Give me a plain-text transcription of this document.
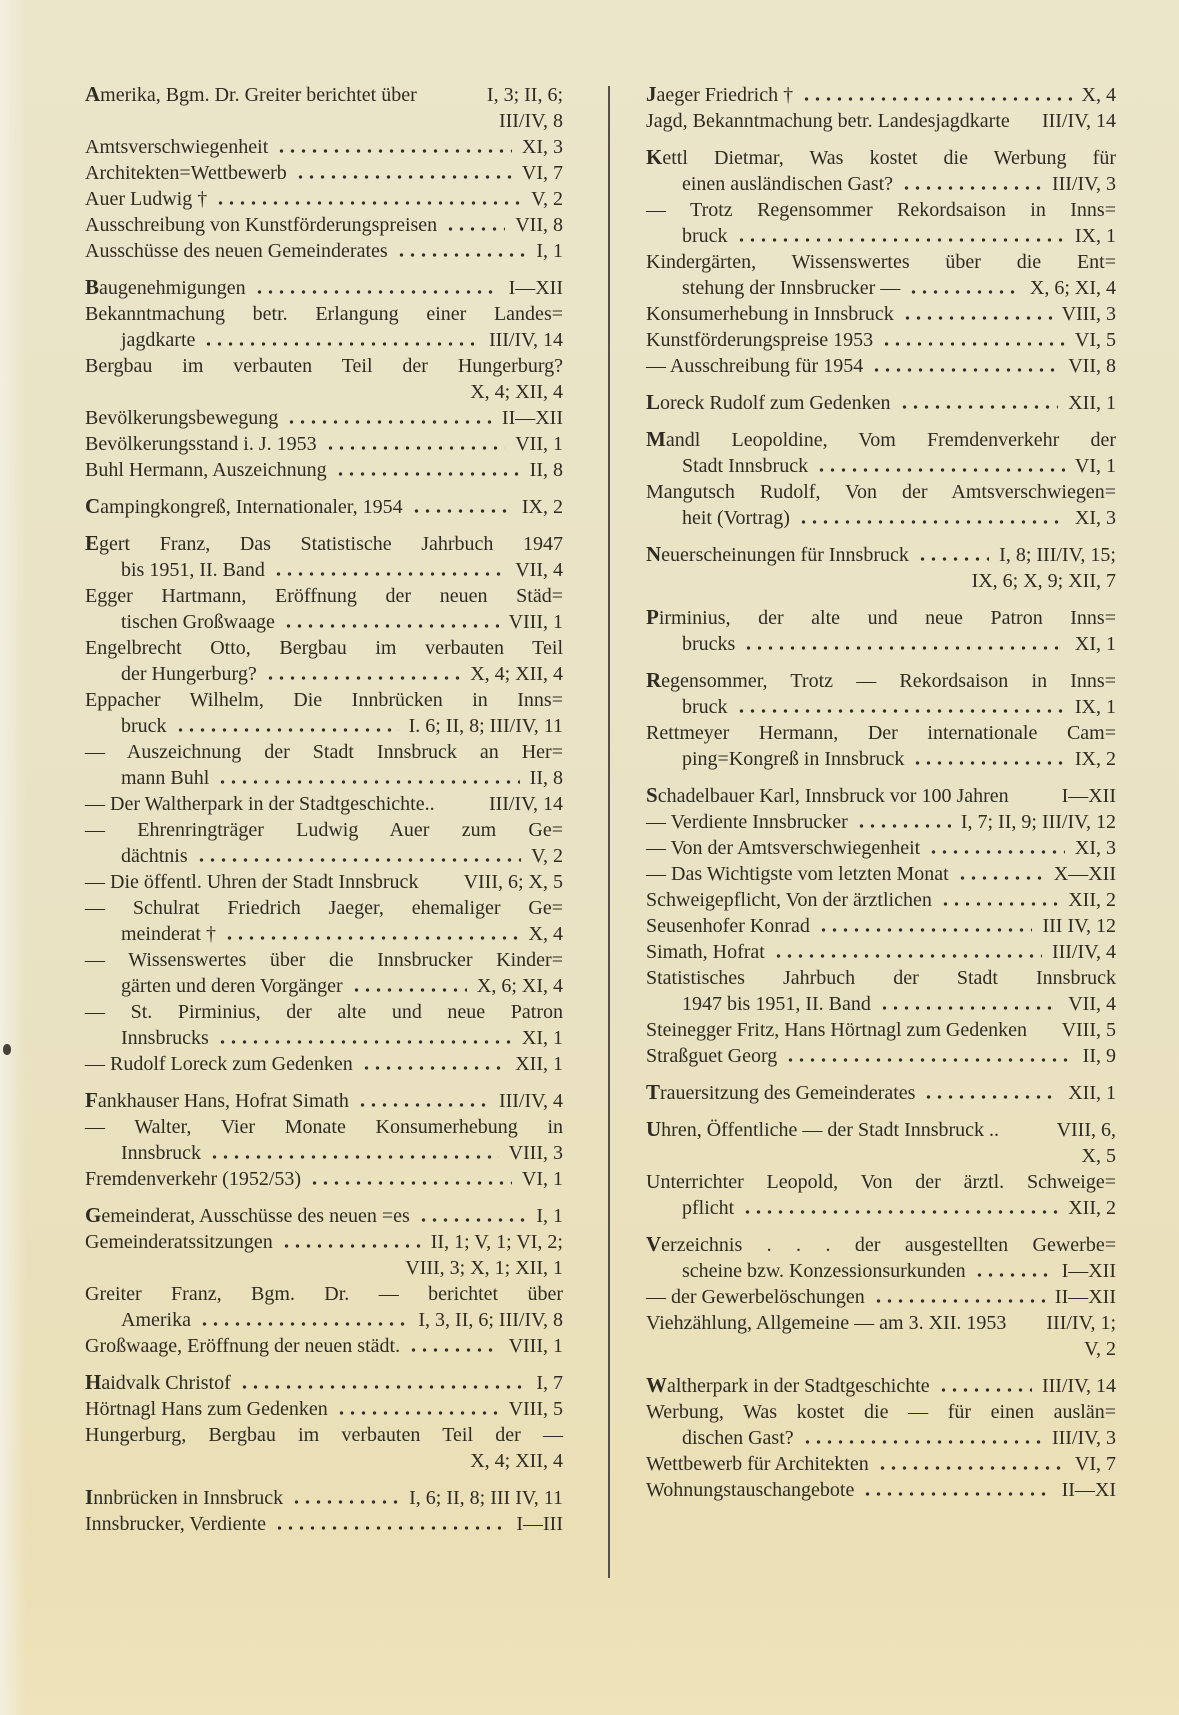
Amerika, Bgm. Dr. Greiter berichtet über	I, 3; II, 6;
III/IV, 8
Amtsverschwiegenheit	XI, 3
Architekten=Wettbewerb	VI, 7
Auer Ludwig †	V, 2
Ausschreibung von Kunstförderungspreisen	VII, 8
Ausschüsse des neuen Gemeinderates	I, 1
Baugenehmigungen	I—XII
Bekanntmachung betr. Erlangung einer Landes=
jagdkarte	III/IV, 14
Bergbau im verbauten Teil der Hungerburg?
X, 4; XII, 4
Bevölkerungsbewegung	II—XII
Bevölkerungsstand i. J. 1953	VII, 1
Buhl Hermann, Auszeichnung	II, 8
Campingkongreß, Internationaler, 1954	IX, 2
Egert Franz, Das Statistische Jahrbuch 1947
bis 1951, II. Band	VII, 4
Egger Hartmann, Eröffnung der neuen Städ=
tischen Großwaage	VIII, 1
Engelbrecht Otto, Bergbau im verbauten Teil
der Hungerburg?	X, 4; XII, 4
Eppacher Wilhelm, Die Innbrücken in Inns=
bruck	I. 6; II, 8; III/IV, 11
— Auszeichnung der Stadt Innsbruck an Her=
mann Buhl	II, 8
— Der Waltherpark in der Stadtgeschichte..	III/IV, 14
— Ehrenringträger Ludwig Auer zum Ge=
dächtnis	V, 2
— Die öffentl. Uhren der Stadt Innsbruck VIII, 6; X, 5
— Schulrat Friedrich Jaeger, ehemaliger Ge=
meinderat †	X, 4
— Wissenswertes über die Innsbrucker Kinder=
gärten und deren Vorgänger	X, 6; XI, 4
— St. Pirminius, der alte und neue Patron
Innsbrucks	XI, 1
— Rudolf Loreck zum Gedenken	XII, 1
Fankhauser Hans, Hofrat Simath	III/IV, 4
— Walter, Vier Monate Konsumerhebung in
Innsbruck	VIII, 3
Fremdenverkehr (1952/53)	VI, 1
Gemeinderat, Ausschüsse des neuen =es	I, 1
Gemeinderatssitzungen	II, 1; V, 1; VI, 2;
VIII, 3; X, 1; XII, 1
Greiter Franz, Bgm. Dr. — berichtet über
Amerika	I, 3, II, 6; III/IV, 8
Großwaage, Eröffnung der neuen städt.	VIII, 1
Haidvalk Christof	I, 7
Hörtnagl Hans zum Gedenken	VIII, 5
Hungerburg, Bergbau im verbauten Teil der —
X, 4; XII, 4
Innbrücken in Innsbruck	I, 6; II, 8; III IV, 11
Innsbrucker, Verdiente	I—III
Jaeger Friedrich †	X, 4
Jagd, Bekanntmachung betr. Landesjagdkarte III/IV, 14
Kettl Dietmar, Was kostet die Werbung für
einen ausländischen Gast?	III/IV, 3
— Trotz Regensommer Rekordsaison in Inns=
bruck	IX, 1
Kindergärten, Wissenswertes über die Ent=
stehung der Innsbrucker —	X, 6; XI, 4
Konsumerhebung in Innsbruck	VIII, 3
Kunstförderungspreise 1953	VI, 5
— Ausschreibung für 1954	VII, 8
Loreck Rudolf zum Gedenken	XII, 1
Mandl Leopoldine, Vom Fremdenverkehr der
Stadt Innsbruck	VI, 1
Mangutsch Rudolf, Von der Amtsverschwiegen=
heit (Vortrag)	XI, 3
Neuerscheinungen für Innsbruck	I, 8; III/IV, 15;
IX, 6; X, 9; XII, 7
Pirminius, der alte und neue Patron Inns=
brucks	XI, 1
Regensommer, Trotz — Rekordsaison in Inns=
bruck	IX, 1
Rettmeyer Hermann, Der internationale Cam=
ping=Kongreß in Innsbruck	IX, 2
Schadelbauer Karl, Innsbruck vor 100 Jahren	I—XII
— Verdiente Innsbrucker	I, 7; II, 9; III/IV, 12
— Von der Amtsverschwiegenheit	XI, 3
— Das Wichtigste vom letzten Monat	X—XII
Schweigepflicht, Von der ärztlichen	XII, 2
Seusenhofer Konrad	III IV, 12
Simath, Hofrat	III/IV, 4
Statistisches Jahrbuch der Stadt Innsbruck
1947 bis 1951, II. Band	VII, 4
Steinegger Fritz, Hans Hörtnagl zum Gedenken VIII, 5
Straßguet Georg	II, 9
Trauersitzung des Gemeinderates	XII, 1
Uhren, Öffentliche — der Stadt Innsbruck ..	VIII, 6,
X, 5
Unterrichter Leopold, Von der ärztl. Schweige=
pflicht	XII, 2
Verzeichnis . . . der ausgestellten Gewerbe=
scheine bzw. Konzessionsurkunden	I—XII
— der Gewerbelöschungen	II—XII
Viehzählung, Allgemeine — am 3. XII. 1953 III/IV, 1;
V, 2
Waltherpark in der Stadtgeschichte	III/IV, 14
Werbung, Was kostet die — für einen auslän=
dischen Gast?	III/IV, 3
Wettbewerb für Architekten	VI, 7
Wohnungstauschangebote	II—XI
